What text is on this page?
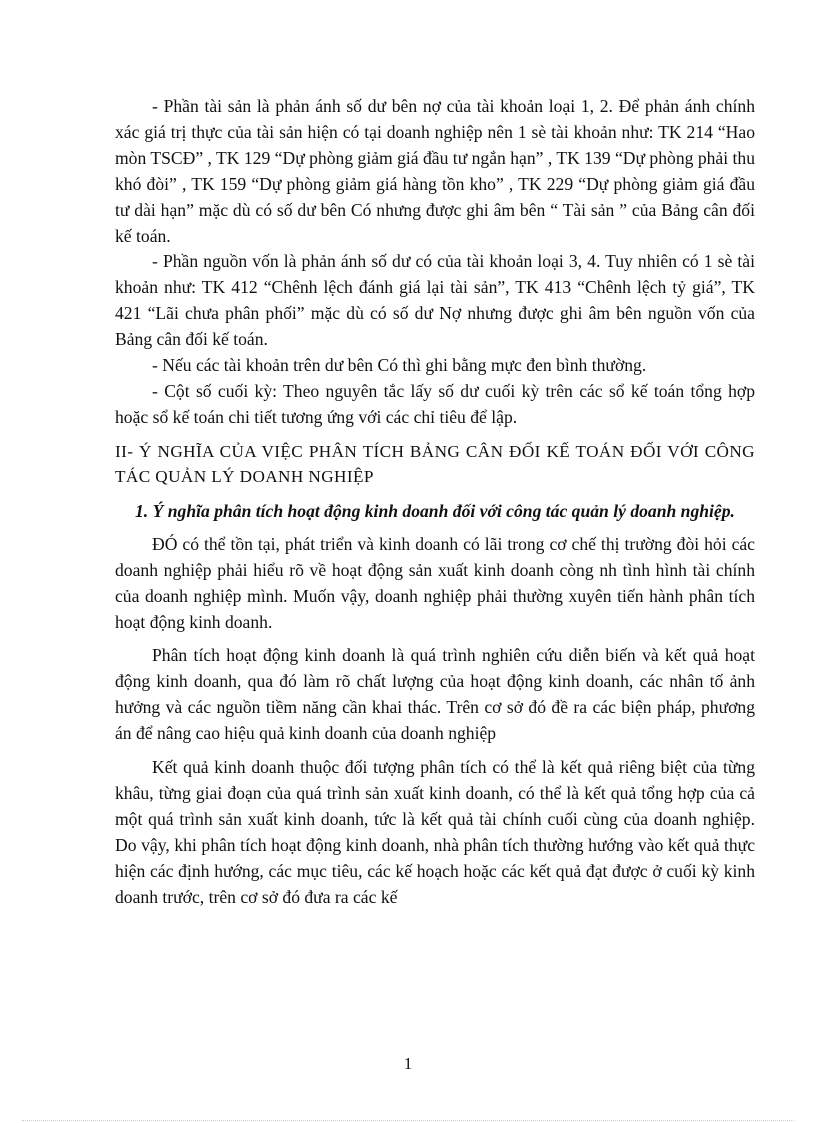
- Phần tài sản là phản ánh số dư bên nợ của tài khoản loại 1, 2. Để phản ánh chính xác giá trị thực của tài sản hiện có tại doanh nghiệp nên 1 sè tài khoản như: TK 214 “Hao mòn TSCĐ” , TK 129 “Dự phòng giảm giá đầu tư ngắn hạn” , TK 139 “Dự phòng phải thu khó đòi” , TK 159 “Dự phòng giảm giá hàng tồn kho” , TK 229 “Dự phòng giảm giá đầu tư dài hạn” mặc dù có số dư bên Có nhưng được ghi âm bên “ Tài sản ” của Bảng cân đối kế toán.

- Phần nguồn vốn là phản ánh số dư có của tài khoản loại 3, 4. Tuy nhiên có 1 sè tài khoản như: TK 412 “Chênh lệch đánh giá lại tài sản”, TK 413 “Chênh lệch tỷ giá”, TK 421 “Lãi chưa phân phối” mặc dù có số dư Nợ nhưng được ghi âm bên nguồn vốn của Bảng cân đối kế toán.

- Nếu các tài khoản trên dư bên Có thì ghi bằng mực đen bình thường.

- Cột số cuối kỳ: Theo nguyên tắc lấy số dư cuối kỳ trên các sổ kế toán tổng hợp hoặc sổ kế toán chi tiết tương ứng với các chỉ tiêu để lập.

II- Ý NGHĨA CỦA VIỆC PHÂN TÍCH BẢNG CÂN ĐỐI KẾ TOÁN ĐỐI VỚI CÔNG TÁC QUẢN LÝ DOANH NGHIỆP

1. Ý nghĩa phân tích hoạt động kinh doanh đối với công tác quản lý doanh nghiệp.

ĐÓ có thể tồn tại, phát triển và kinh doanh có lãi trong cơ chế thị trường đòi hỏi các doanh nghiệp phải hiểu rõ về hoạt động sản xuất kinh doanh còng nh tình hình tài chính của doanh nghiệp mình. Muốn vậy, doanh nghiệp phải thường xuyên tiến hành phân tích hoạt động kinh doanh.

Phân tích hoạt động kinh doanh là quá trình nghiên cứu diễn biến và kết quả hoạt động kinh doanh, qua đó làm rõ chất lượng của hoạt động kinh doanh, các nhân tố ảnh hưởng và các nguồn tiềm năng cần khai thác. Trên cơ sở đó đề ra các biện pháp, phương án để nâng cao hiệu quả kinh doanh của doanh nghiệp

Kết quả kinh doanh thuộc đối tượng phân tích có thể là kết quả riêng biệt của từng khâu, từng giai đoạn của quá trình sản xuất kinh doanh, có thể là kết quả tổng hợp của cả một quá trình sản xuất kinh doanh, tức là kết quả tài chính cuối cùng của doanh nghiệp. Do vậy, khi phân tích hoạt động kinh doanh, nhà phân tích thường hướng vào kết quả thực hiện các định hướng, các mục tiêu, các kế hoạch hoặc các kết quả đạt được ở cuối kỳ kinh doanh trước, trên cơ sở đó đưa ra các kế

1
